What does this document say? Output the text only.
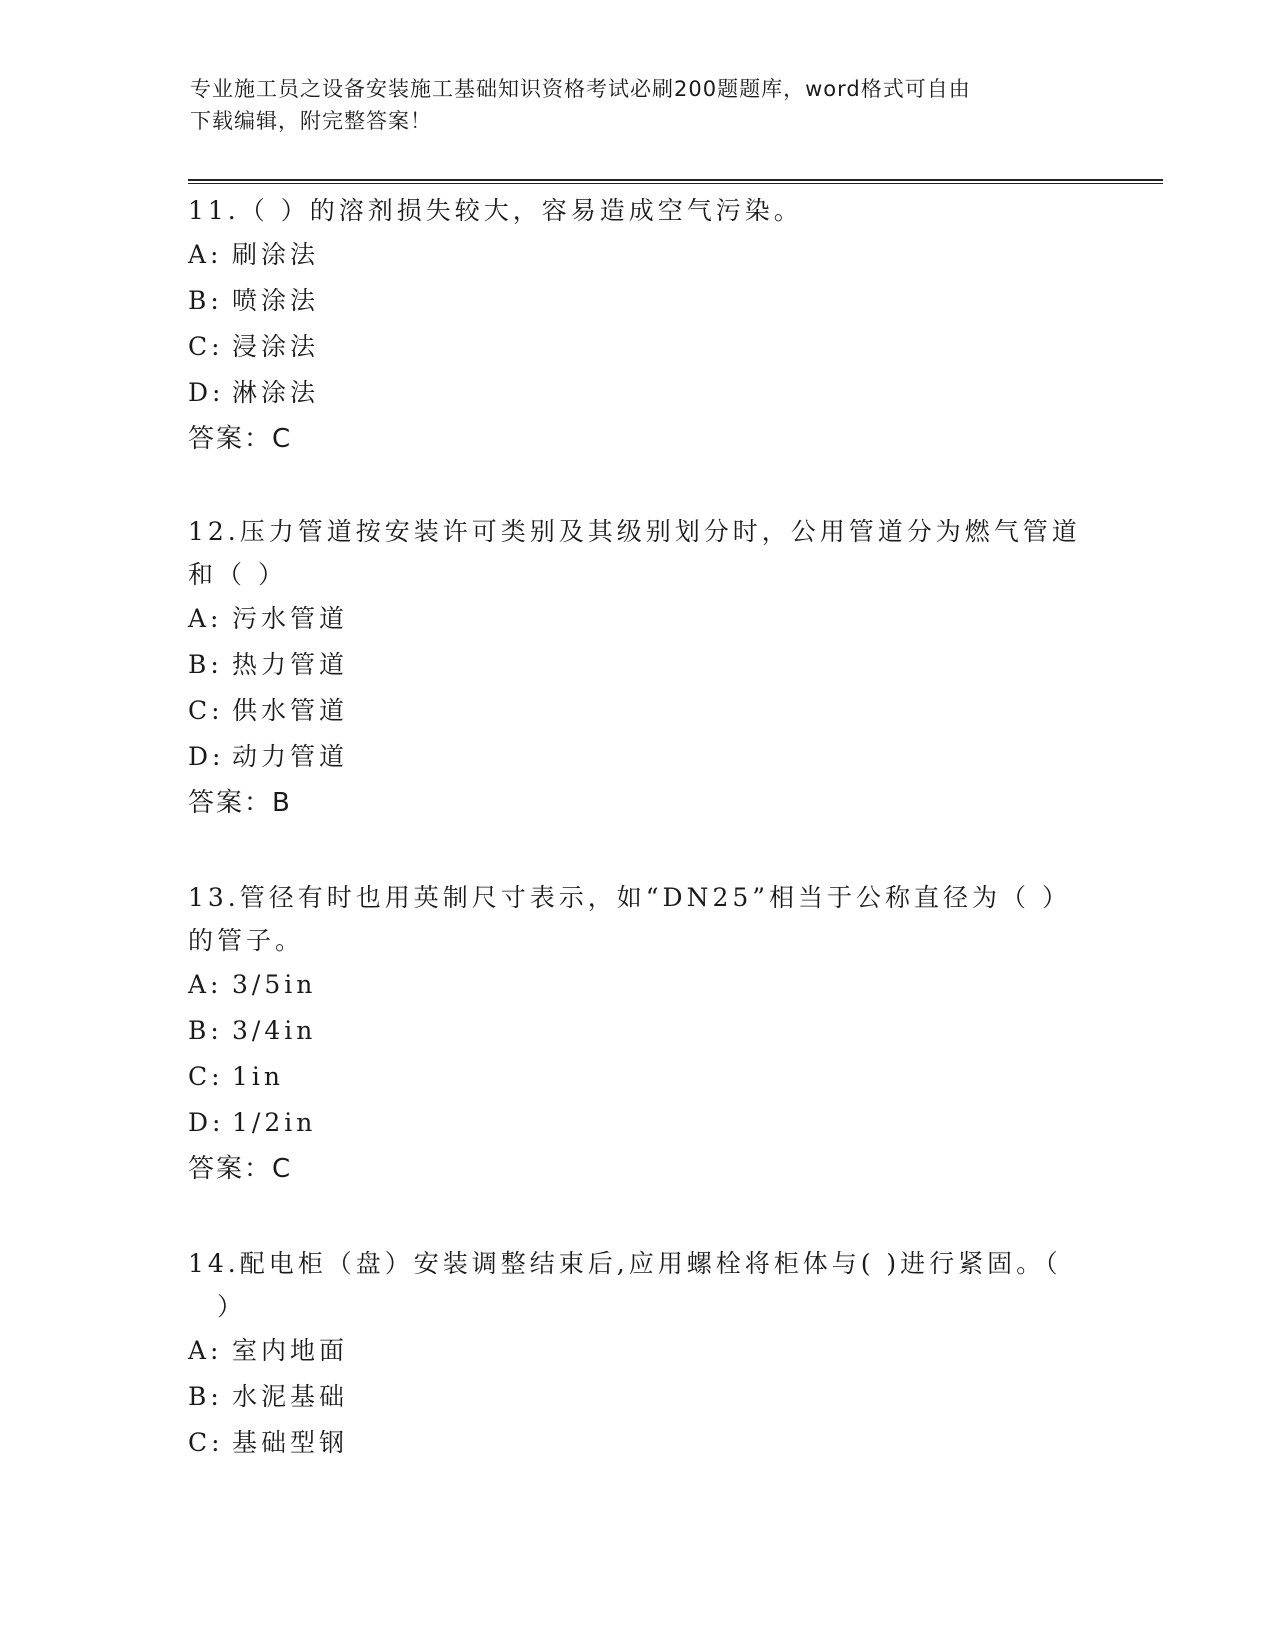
专业施工员之设备安装施工基础知识资格考试必刷200题题库，word格式可自由
下载编辑，附完整答案！

11.（ ）的溶剂损失较大，容易造成空气污染。

A: 刷涂法

B: 喷涂法

C: 浸涂法

D: 淋涂法

答案：C

12.压力管道按安装许可类别及其级别划分时，公用管道分为燃气管道

和（ ）

A: 污水管道

B: 热力管道

C: 供水管道

D: 动力管道

答案：B

13.管径有时也用英制尺寸表示，如“DN25”相当于公称直径为（ ）

的管子。

A: 3/5in

B: 3/4in

C: 1in

D: 1/2in

答案：C

14.配电柜（盘）安装调整结束后,应用螺栓将柜体与( )进行紧固。（

　）

A: 室内地面

B: 水泥基础

C: 基础型钢
